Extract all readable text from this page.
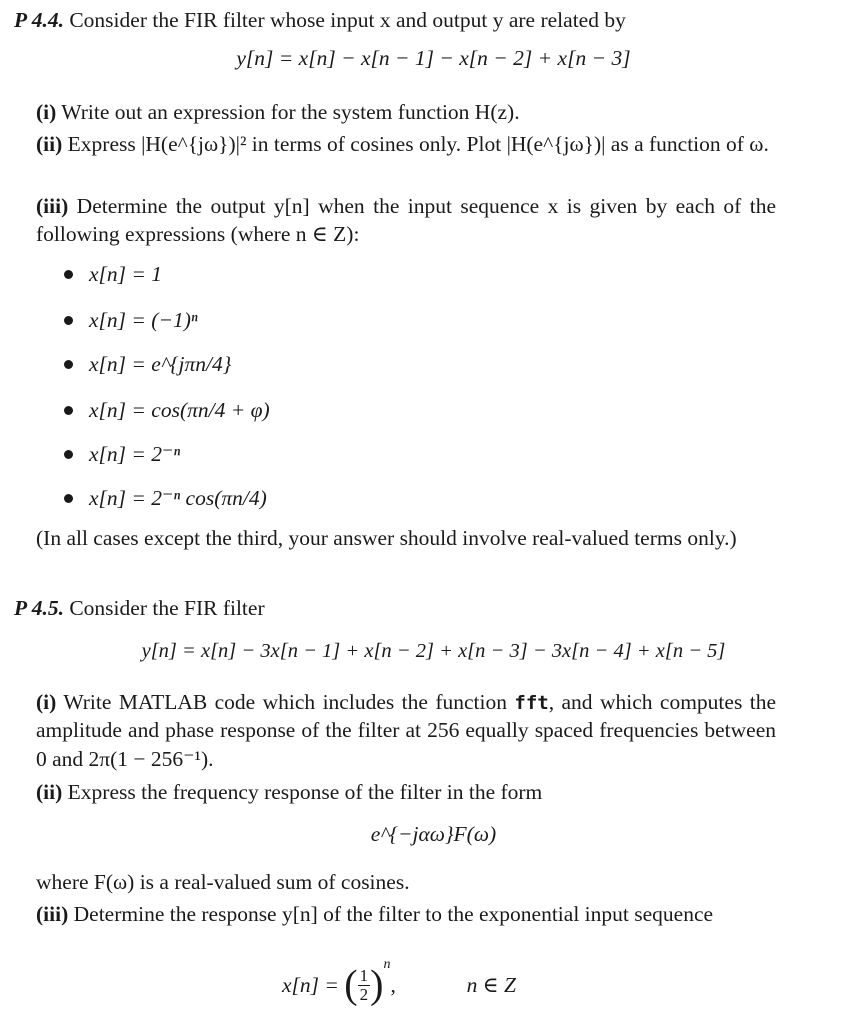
P 4.4. Consider the FIR filter whose input x and output y are related by
y[n] = x[n] − x[n − 1] − x[n − 2] + x[n − 3]
(i) Write out an expression for the system function H(z).
(ii) Express |H(e^{jω})|² in terms of cosines only. Plot |H(e^{jω})| as a function of ω.
(iii) Determine the output y[n] when the input sequence x is given by each of the following expressions (where n ∈ Z):
x[n] = 1
x[n] = (−1)ⁿ
x[n] = e^{jπn/4}
x[n] = cos(πn/4 + φ)
x[n] = 2⁻ⁿ
x[n] = 2⁻ⁿ cos(πn/4)
(In all cases except the third, your answer should involve real-valued terms only.)
P 4.5. Consider the FIR filter
y[n] = x[n] − 3x[n − 1] + x[n − 2] + x[n − 3] − 3x[n − 4] + x[n − 5]
(i) Write MATLAB code which includes the function fft, and which computes the amplitude and phase response of the filter at 256 equally spaced frequencies between 0 and 2π(1 − 256⁻¹).
(ii) Express the frequency response of the filter in the form
e^{−jαω}F(ω)
where F(ω) is a real-valued sum of cosines.
(iii) Determine the response y[n] of the filter to the exponential input sequence
x[n] = ( $\frac{1}{2} )^n$,	n ∈ Z
